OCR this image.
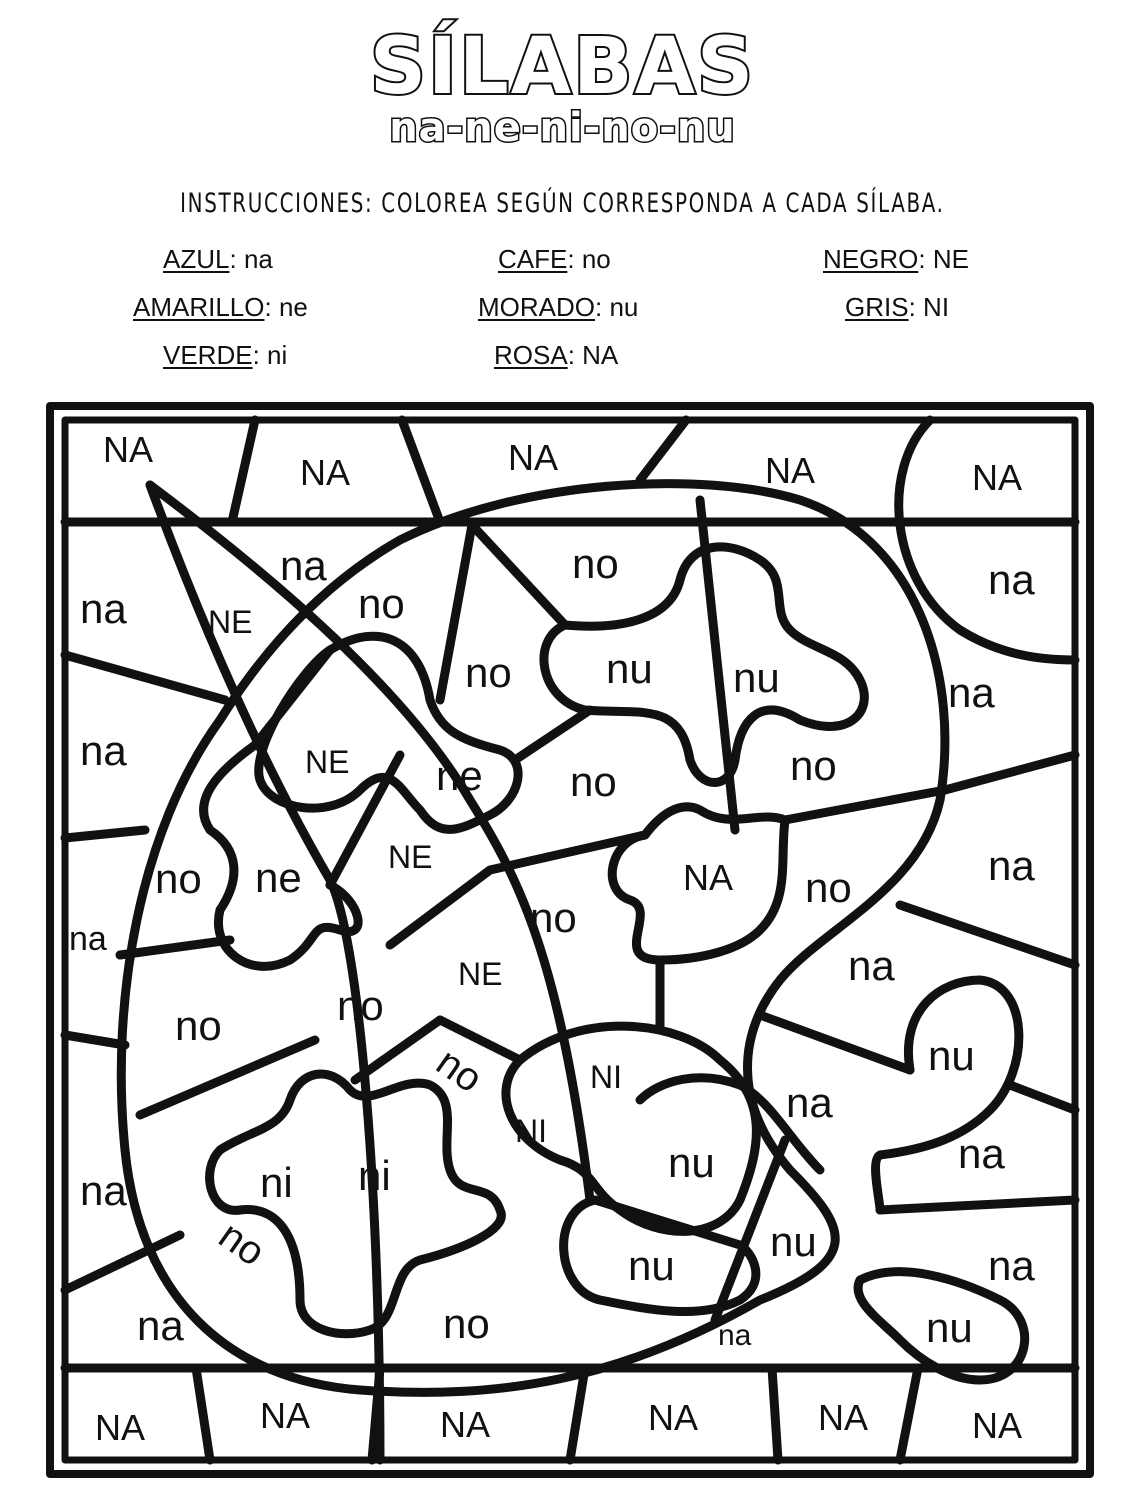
SÍLABAS
na-ne-ni-no-nu
INSTRUCCIONES: COLOREA SEGÚN CORRESPONDA A CADA SÍLABA.
AZUL: na	CAFE: no	NEGRO: NE
AMARILLO: ne	MORADO: nu	GRIS: NI
VERDE: ni	ROSA: NA
NA
NA	NA	NA	NA
na
na
no
NE
na
no nu nu
no
na
na	NE ne no	no
na
NE
no ne	NA no
na
na
no
NE
na
no
no
nu
NI
no
na
NI
nu
na	ni ni
na
na
no	nu
nu
na
no	nu
NA	NA	NA	NA	NA	NA
